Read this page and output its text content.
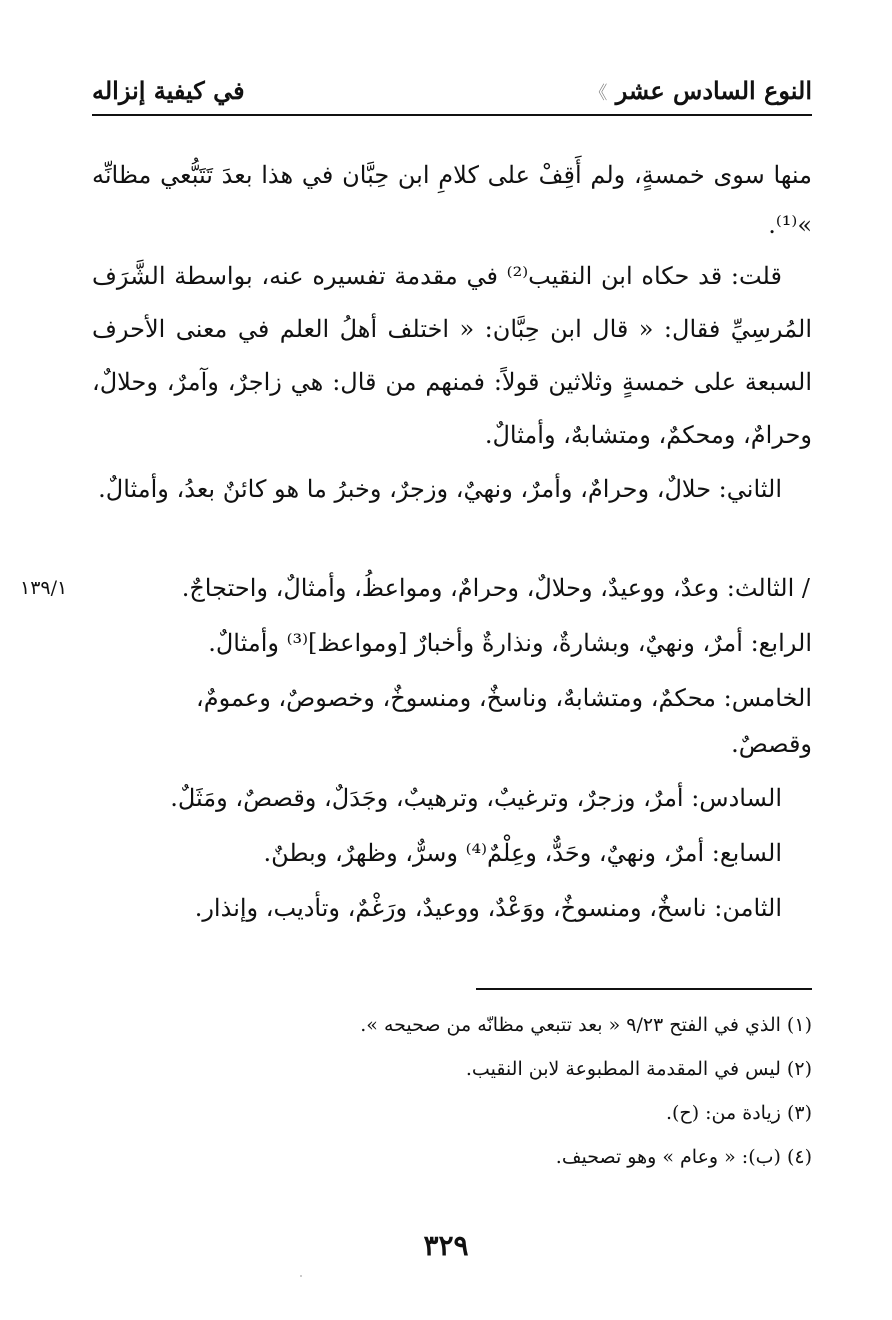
النوع السادس عشر 》
في كيفية إنزاله

منها سوى خمسةٍ، ولم أَقِفْ على كلامِ ابن حِبَّان في هذا بعدَ تَتَبُّعي مظانِّه »⁽¹⁾.

قلت: قد حكاه ابن النقيب⁽²⁾ في مقدمة تفسيره عنه، بواسطة الشَّرَف المُرسِيِّ فقال: « قال ابن حِبَّان: « اختلف أهلُ العلم في معنى الأحرف السبعة على خمسةٍ وثلاثين قولاً: فمنهم من قال: هي زاجرٌ، وآمرٌ، وحلالٌ، وحرامٌ، ومحكمٌ، ومتشابهٌ، وأمثالٌ.

الثاني: حلالٌ، وحرامٌ، وأمرٌ، ونهيٌ، وزجرٌ، وخبرُ ما هو كائنٌ بعدُ، وأمثالٌ.

/ الثالث: وعدٌ، ووعيدٌ، وحلالٌ، وحرامٌ، ومواعظُ، وأمثالٌ، واحتجاجٌ.
١٣٩/١
الرابع: أمرٌ، ونهيٌ، وبشارةٌ، ونذارةٌ وأخبارٌ [ومواعظ]⁽³⁾ وأمثالٌ.
الخامس: محكمٌ، ومتشابهٌ، وناسخٌ، ومنسوخٌ، وخصوصٌ، وعمومٌ،
وقصصٌ.
السادس: أمرٌ، وزجرٌ، وترغيبٌ، وترهيبٌ، وجَدَلٌ، وقصصٌ، ومَثَلٌ.
السابع: أمرٌ، ونهيٌ، وحَدٌّ، وعِلْمٌ⁽⁴⁾ وسرٌّ، وظهرٌ، وبطنٌ.
الثامن: ناسخٌ، ومنسوخٌ، ووَعْدٌ، ووعيدٌ، ورَغْمٌ، وتأديب، وإنذار.

(١) الذي في الفتح ٩/٢٣ « بعد تتبعي مظانّه من صحيحه ».

(٢) ليس في المقدمة المطبوعة لابن النقيب.

(٣) زيادة من: (ح).

(٤) (ب): « وعام » وهو تصحيف.

٣٢٩
